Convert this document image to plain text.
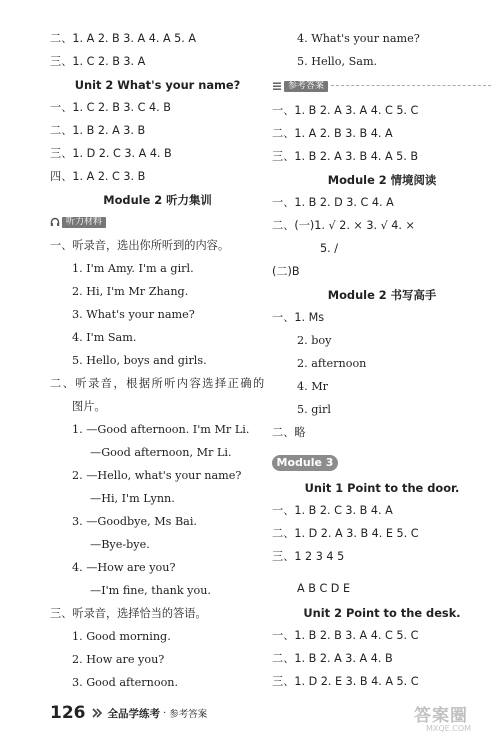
二、1. A 2. B 3. A 4. A 5. A
三、1. C 2. B 3. A
Unit 2 What's your name?
一、1. C 2. B 3. C 4. B
二、1. B 2. A 3. B
三、1. D 2. C 3. A 4. B
四、1. A 2. C 3. B
Module 2 听力集训
听力材料
一、听录音，选出你所听到的内容。
1. I'm Amy. I'm a girl.
2. Hi, I'm Mr Zhang.
3. What's your name?
4. I'm Sam.
5. Hello, boys and girls.
二、听录音，根据所听内容选择正确的
图片。
1. —Good afternoon. I'm Mr Li.
—Good afternoon, Mr Li.
2. —Hello, what's your name?
—Hi, I'm Lynn.
3. —Goodbye, Ms Bai.
—Bye-bye.
4. —How are you?
—I'm fine, thank you.
三、听录音，选择恰当的答语。
1. Good morning.
2. How are you?
3. Good afternoon.
4. What's your name?
5. Hello, Sam.
参考答案
一、1. B 2. A 3. A 4. C 5. C
二、1. A 2. B 3. B 4. A
三、1. B 2. A 3. B 4. A 5. B
Module 2 情境阅读
一、1. B 2. D 3. C 4. A
二、(一)1. √ 2. × 3. √ 4. ×
5. /
(二)B
Module 2 书写高手
一、1. Ms
2. boy
2. afternoon
4. Mr
5. girl
二、略
Module 3
Unit 1 Point to the door.
一、1. B 2. C 3. B 4. A
二、1. D 2. A 3. B 4. E 5. C
三、1 2 3 4 5
A B C D E
Unit 2 Point to the desk.
一、1. B 2. B 3. A 4. C 5. C
二、1. B 2. A 3. A 4. B
三、1. D 2. E 3. B 4. A 5. C
126 全品学练考 · 参考答案	答案圈
MXQE.COM
